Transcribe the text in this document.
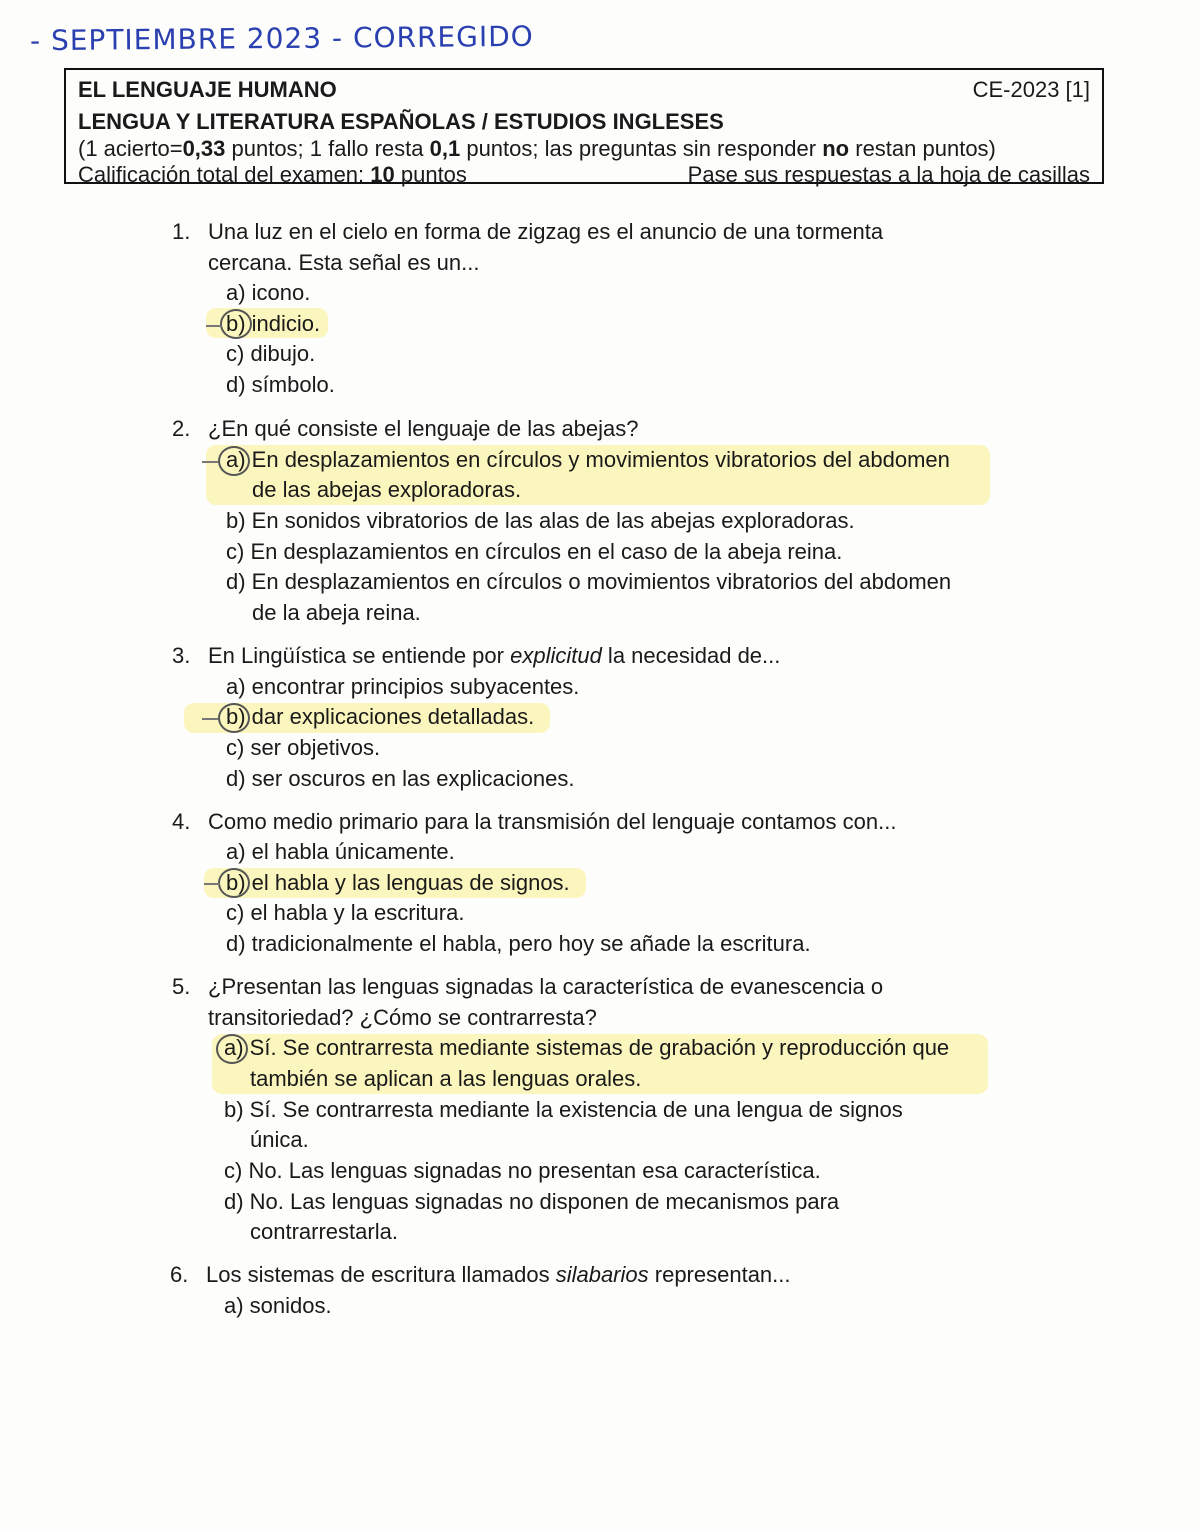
- SEPTIEMBRE 2023 - CORREGIDO
EL LENGUAJE HUMANO	CE-2023 [1]
LENGUA Y LITERATURA ESPAÑOLAS / ESTUDIOS INGLESES
(1 acierto=0,33 puntos; 1 fallo resta 0,1 puntos; las preguntas sin responder no restan puntos)
Calificación total del examen: 10 puntos	Pase sus respuestas a la hoja de casillas
1. Una luz en el cielo en forma de zigzag es el anuncio de una tormenta cercana. Esta señal es un...
a) icono.
b) indicio.
c) dibujo.
d) símbolo.
2. ¿En qué consiste el lenguaje de las abejas?
a) En desplazamientos en círculos y movimientos vibratorios del abdomen
de las abejas exploradoras.
b) En sonidos vibratorios de las alas de las abejas exploradoras.
c) En desplazamientos en círculos en el caso de la abeja reina.
d) En desplazamientos en círculos o movimientos vibratorios del abdomen
de la abeja reina.
3. En Lingüística se entiende por explicitud la necesidad de...
a) encontrar principios subyacentes.
b) dar explicaciones detalladas.
c) ser objetivos.
d) ser oscuros en las explicaciones.
4. Como medio primario para la transmisión del lenguaje contamos con...
a) el habla únicamente.
b) el habla y las lenguas de signos.
c) el habla y la escritura.
d) tradicionalmente el habla, pero hoy se añade la escritura.
5. ¿Presentan las lenguas signadas la característica de evanescencia o transitoriedad? ¿Cómo se contrarresta?
a) Sí. Se contrarresta mediante sistemas de grabación y reproducción que
también se aplican a las lenguas orales.
b) Sí. Se contrarresta mediante la existencia de una lengua de signos
única.
c) No. Las lenguas signadas no presentan esa característica.
d) No. Las lenguas signadas no disponen de mecanismos para
contrarrestarla.
6. Los sistemas de escritura llamados silabarios representan...
a) sonidos.
